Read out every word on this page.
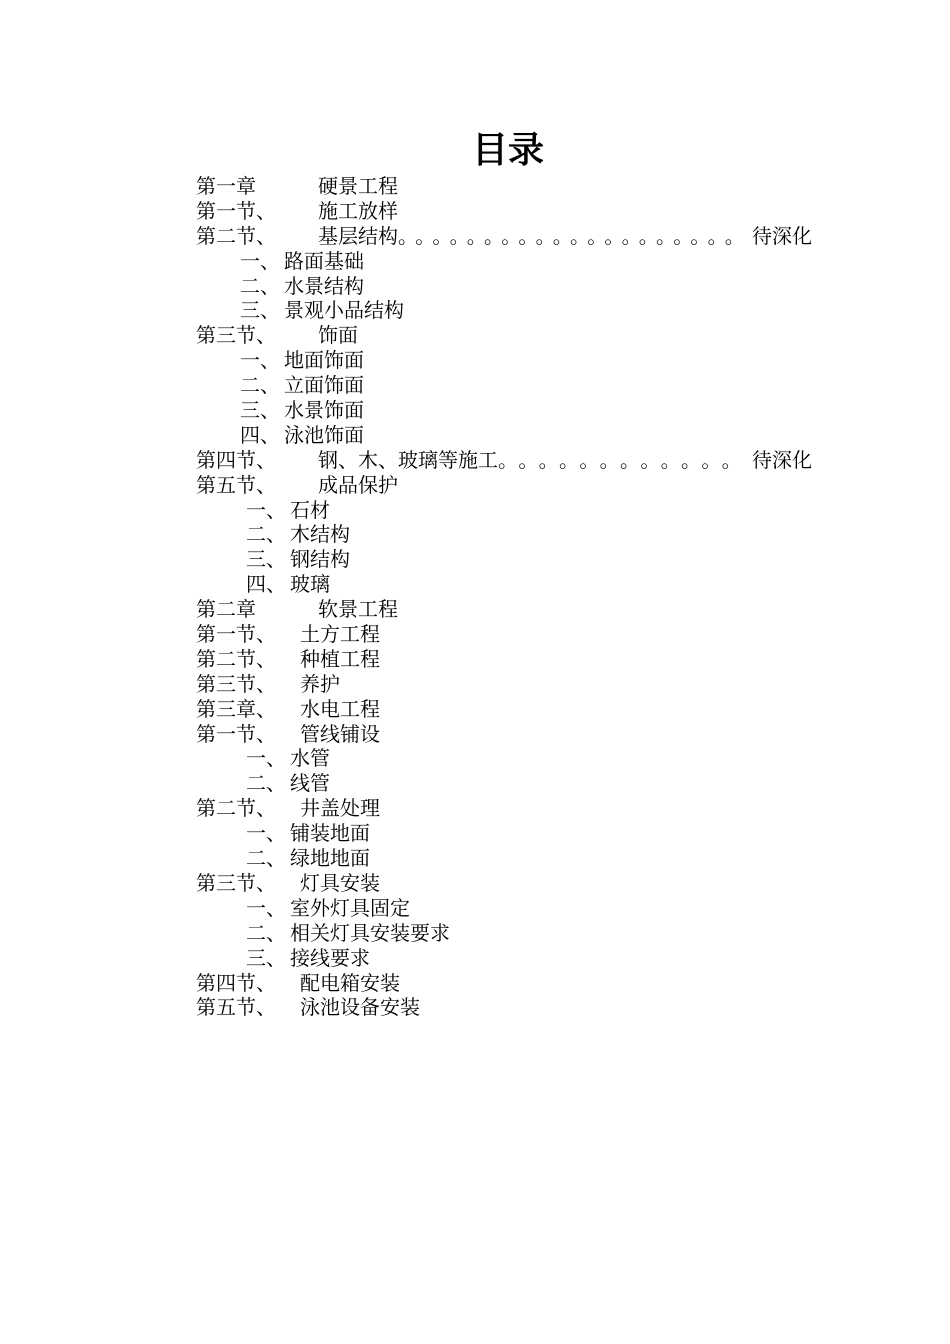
目录
第一章	硬景工程
第一节、 施工放样
第二节、 基层结构 。。。。。。。。。。。。。。。。。。。。 待深化
一、 路面基础
二、 水景结构
三、 景观小品结构
第三节、 饰面
一、 地面饰面
二、 立面饰面
三、 水景饰面
四、 泳池饰面
第四节、 钢、木、玻璃等施工 。。。。。。。。。。。。 待深化
第五节、 成品保护
一、 石材
二、 木结构
三、 钢结构
四、 玻璃
第二章	软景工程
第一节、 土方工程
第二节、 种植工程
第三节、 养护
第三章、 水电工程
第一节、 管线铺设
一、 水管
二、 线管
第二节、 井盖处理
一、 铺装地面
二、 绿地地面
第三节、 灯具安装
一、 室外灯具固定
二、 相关灯具安装要求
三、 接线要求
第四节、 配电箱安装
第五节、 泳池设备安装
